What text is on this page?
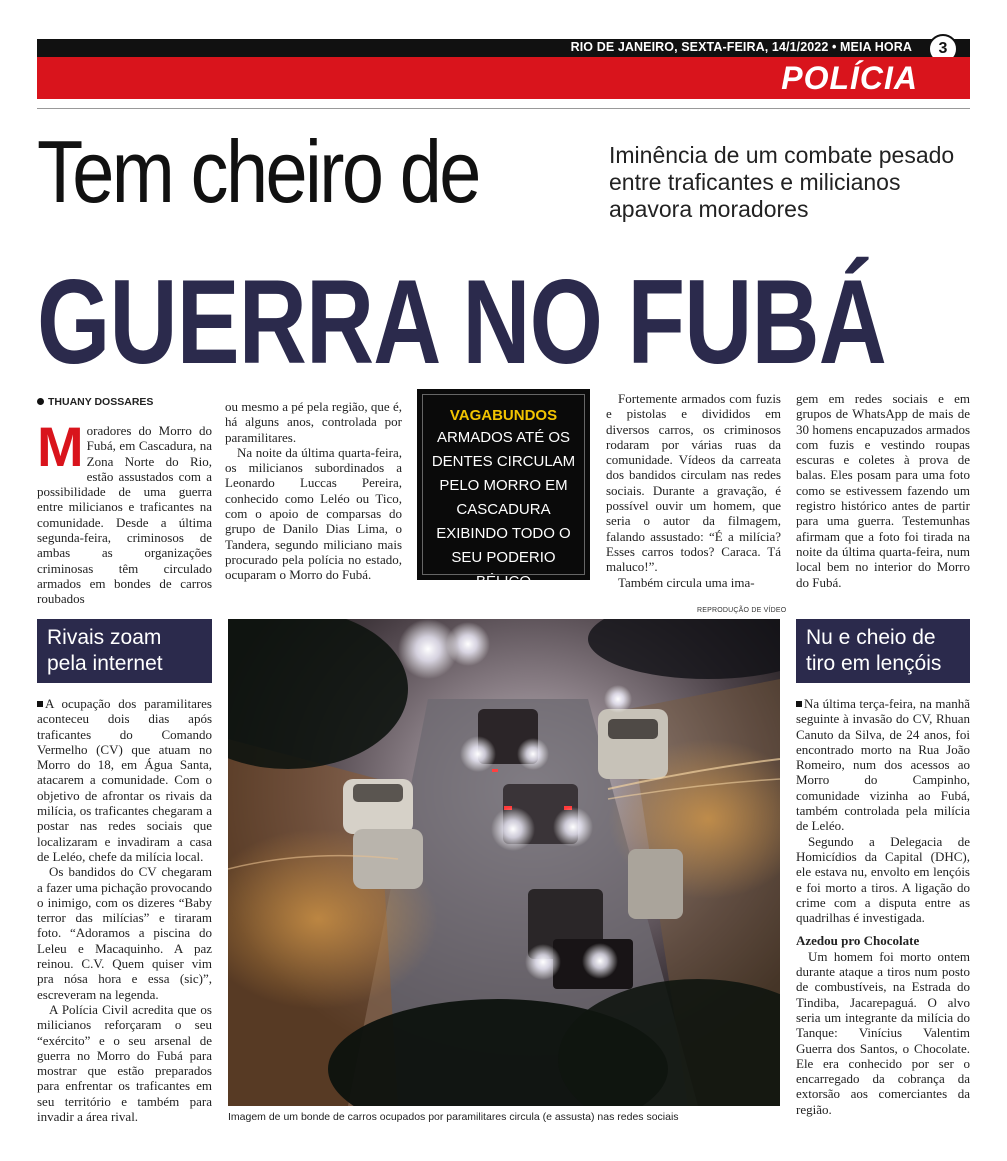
RIO DE JANEIRO, SEXTA-FEIRA, 14/1/2022 • MEIA HORA	3
POLÍCIA
Tem cheiro de	Iminência de um combate pesado entre traficantes e milicianos apavora moradores
GUERRA NO FUBÁ
THUANY DOSSARES
Moradores do Morro do Fubá, em Cascadura, na Zona Norte do Rio, estão assustados com a possibilidade de uma guerra entre milicianos e traficantes na comunidade. Desde a última segunda-feira, criminosos de ambas as organizações criminosas têm circulado armados em bondes de carros roubados
ou mesmo a pé pela região, que é, há alguns anos, controlada por paramilitares.

Na noite da última quarta-feira, os milicianos subordinados a Leonardo Luccas Pereira, conhecido como Leléo ou Tico, com o apoio de comparsas do grupo de Danilo Dias Lima, o Tandera, segundo miliciano mais procurado pela polícia no estado, ocuparam o Morro do Fubá.

VAGABUNDOS
ARMADOS ATÉ OS DENTES CIRCULAM PELO MORRO EM CASCADURA EXIBINDO TODO O SEU PODERIO BÉLICO

Fortemente armados com fuzis e pistolas e divididos em diversos carros, os criminosos rodaram por várias ruas da comunidade. Vídeos da carreata dos bandidos circulam nas redes sociais. Durante a gravação, é possível ouvir um homem, que seria o autor da filmagem, falando assustado: “É a milícia? Esses carros todos? Caraca. Tá maluco!”.

Também circula uma ima-

gem em redes sociais e em grupos de WhatsApp de mais de 30 homens encapuzados armados com fuzis e vestindo roupas escuras e coletes à prova de balas. Eles posam para uma foto como se estivessem fazendo um registro histórico antes de partir para uma guerra. Testemunhas afirmam que a foto foi tirada na noite da última quarta-feira, num local bem no interior do Morro do Fubá.
Rivais zoam pela internet
A ocupação dos paramilitares aconteceu dois dias após traficantes do Comando Vermelho (CV) que atuam no Morro do 18, em Água Santa, atacarem a comunidade. Com o objetivo de afrontar os rivais da milícia, os traficantes chegaram a postar nas redes sociais que localizaram e invadiram a casa de Leléo, chefe da milícia local.

Os bandidos do CV chegaram a fazer uma pichação provocando o inimigo, com os dizeres “Baby terror das milícias” e tiraram foto. “Adoramos a piscina do Leleu e Macaquinho. A paz reinou. C.V. Quem quiser vim pra nósa hora e essa (sic)”, escreveram na legenda.

A Polícia Civil acredita que os milicianos reforçaram o seu “exército” e o seu arsenal de guerra no Morro do Fubá para mostrar que estão preparados para enfrentar os traficantes em seu território e também para invadir a área rival.

REPRODUÇÃO DE VÍDEO
Imagem de um bonde de carros ocupados por paramilitares circula (e assusta) nas redes sociais
Nu e cheio de tiro em lençóis
Na última terça-feira, na manhã seguinte à invasão do CV, Rhuan Canuto da Silva, de 24 anos, foi encontrado morto na Rua João Romeiro, num dos acessos ao Morro do Campinho, comunidade vizinha ao Fubá, também controlada pela milícia de Leléo.

Segundo a Delegacia de Homicídios da Capital (DHC), ele estava nu, envolto em lençóis e foi morto a tiros. A ligação do crime com a disputa entre as quadrilhas é investigada.

Azedou pro Chocolate

Um homem foi morto ontem durante ataque a tiros num posto de combustíveis, na Estrada do Tindiba, Jacarepaguá. O alvo seria um integrante da milícia do Tanque: Vinícius Valentim Guerra dos Santos, o Chocolate. Ele era conhecido por ser o encarregado da cobrança da extorsão aos comerciantes da região.
